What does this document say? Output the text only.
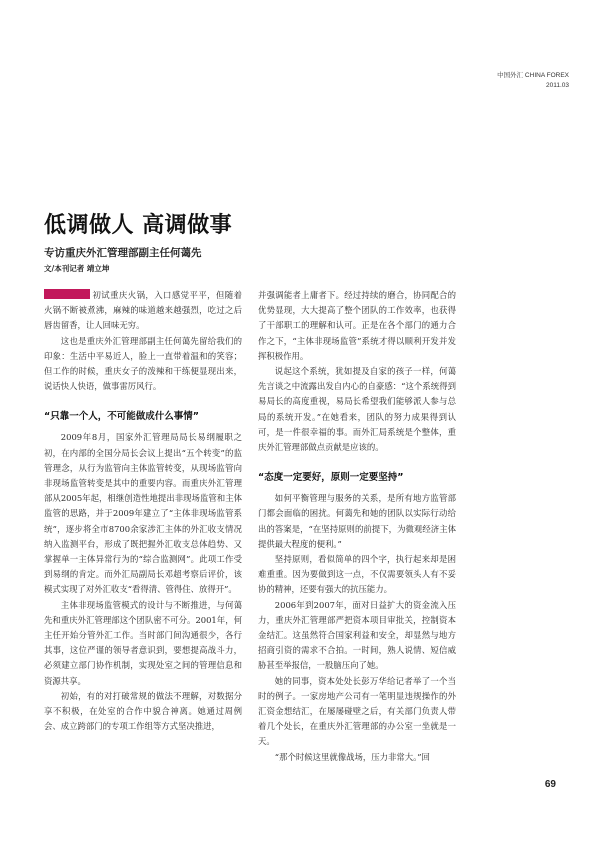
中国外汇 CHINA FOREX
2011.03
低调做人 高调做事
专访重庆外汇管理部副主任何蔼先
文/本刊记者 靖立坤

初试重庆火锅，入口感觉平平，但随着火锅不断被煮沸，麻辣的味道越来越强烈，吃过之后唇齿留香，让人回味无穷。

这也是重庆外汇管理部副主任何蔼先留给我们的印象：生活中平易近人，脸上一直带着温和的笑容；但工作的时候，重庆女子的泼辣和干练便显现出来，说话快人快语，做事雷厉风行。

“只靠一个人，不可能做成什么事情”

2009年8月，国家外汇管理局局长易纲履职之初，在内部的全国分局长会议上提出“五个转变”的监管理念，从行为监管向主体监管转变，从现场监管向非现场监管转变是其中的重要内容。而重庆外汇管理部从2005年起，相继创造性地提出非现场监管和主体监管的思路，并于2009年建立了“主体非现场监管系统”，逐步将全市8700余家涉汇主体的外汇收支情况纳入监测平台，形成了既把握外汇收支总体趋势、又掌握单一主体异常行为的“综合监测网”。此项工作受到易纲的肯定。而外汇局副局长邓超考察后评价，该模式实现了对外汇收支“看得清、管得住、放得开”。

主体非现场监管模式的设计与不断推进，与何蔼先和重庆外汇管理部这个团队密不可分。2001年，何主任开始分管外汇工作。当时部门间沟通很少，各行其事，这位严谨的领导者意识到，要想提高战斗力，必须建立部门协作机制，实现处室之间的管理信息和资源共享。

初始，有的对打破常规的做法不理解，对数据分享不积极，在处室的合作中貌合神离。她通过周例会、成立跨部门的专项工作组等方式坚决推进，

并强调能者上庸者下。经过持续的磨合，协同配合的优势显现，大大提高了整个团队的工作效率，也获得了干部职工的理解和认可。正是在各个部门的通力合作之下，“主体非现场监管”系统才得以顺利开发并发挥积极作用。

说起这个系统，犹如提及自家的孩子一样，何蔼先言谈之中流露出发自内心的自豪感：“这个系统得到易局长的高度重视，易局长希望我们能够派人参与总局的系统开发。”在她看来，团队的努力成果得到认可，是一件很幸福的事。而外汇局系统是个整体，重庆外汇管理部做点贡献是应该的。

“态度一定要好，原则一定要坚持”

如何平衡管理与服务的关系，是所有地方监管部门都会面临的困扰。何蔼先和她的团队以实际行动给出的答案是，“在坚持原则的前提下，为微观经济主体提供最大程度的便利。”

坚持原则，看似简单的四个字，执行起来却是困难重重。因为要做到这一点，不仅需要领头人有不妥协的精神，还要有强大的抗压能力。

2006年到2007年，面对日益扩大的资金流入压力，重庆外汇管理部严把资本项目审批关，控制资本金结汇。这虽然符合国家利益和安全，却显然与地方招商引资的需求不合拍。一时间，熟人说情、短信威胁甚至举报信，一股脑压向了她。

她的同事，资本处处长彭万华给记者举了一个当时的例子。一家房地产公司有一笔明显违规操作的外汇资金想结汇，在屡屡碰壁之后，有关部门负责人带着几个处长，在重庆外汇管理部的办公室一坐就是一天。

“那个时候这里就像战场，压力非常大。”回

69
